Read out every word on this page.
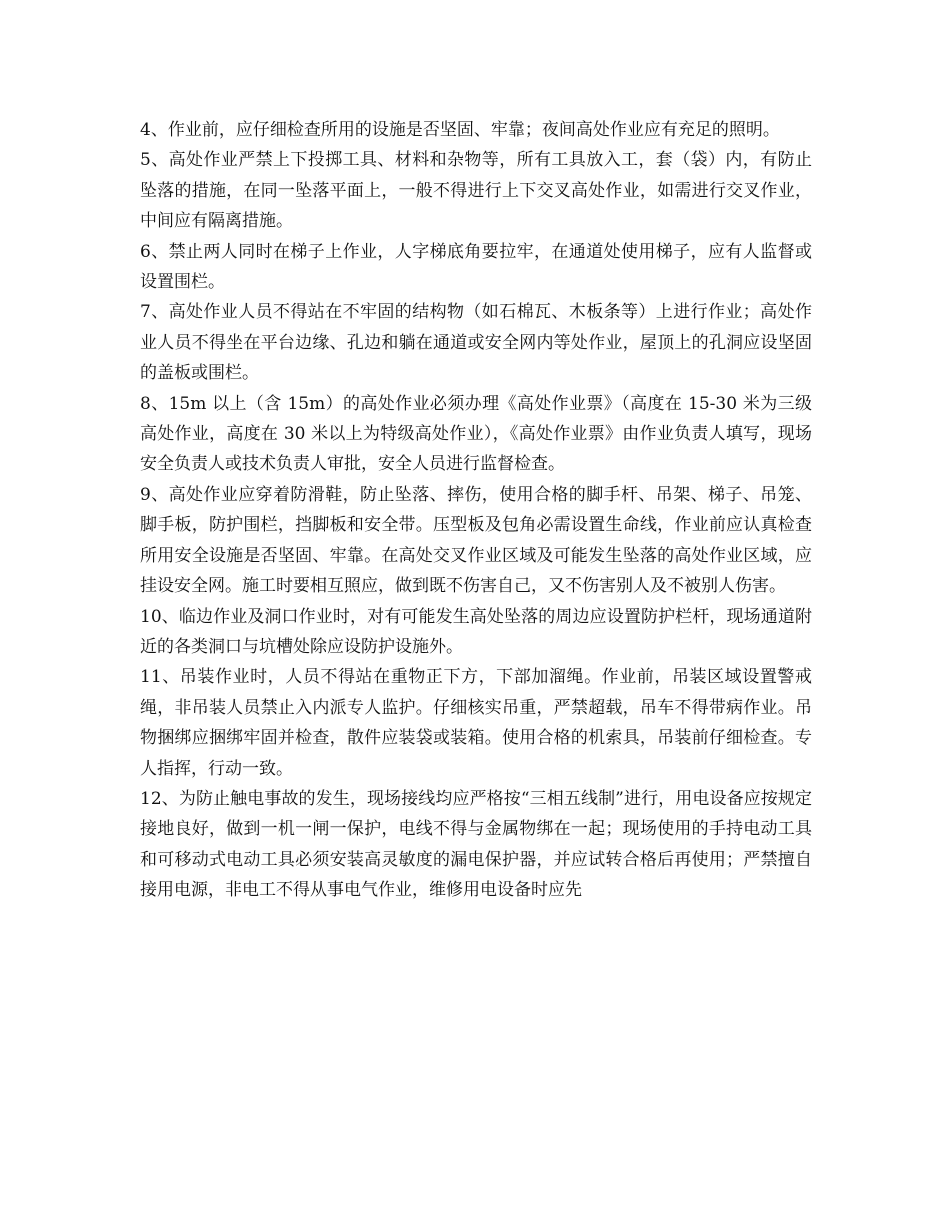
4、作业前，应仔细检查所用的设施是否坚固、牢靠；夜间高处作业应有充足的照明。

5、高处作业严禁上下投掷工具、材料和杂物等，所有工具放入工，套（袋）内，有防止坠落的措施，在同一坠落平面上，一般不得进行上下交叉高处作业，如需进行交叉作业，中间应有隔离措施。

6、禁止两人同时在梯子上作业，人字梯底角要拉牢，在通道处使用梯子，应有人监督或设置围栏。

7、高处作业人员不得站在不牢固的结构物（如石棉瓦、木板条等）上进行作业；高处作业人员不得坐在平台边缘、孔边和躺在通道或安全网内等处作业，屋顶上的孔洞应设坚固的盖板或围栏。

8、15m 以上（含 15m）的高处作业必须办理《高处作业票》（高度在 15-30 米为三级高处作业，高度在 30 米以上为特级高处作业），《高处作业票》由作业负责人填写，现场安全负责人或技术负责人审批，安全人员进行监督检查。

9、高处作业应穿着防滑鞋，防止坠落、摔伤，使用合格的脚手杆、吊架、梯子、吊笼、脚手板，防护围栏，挡脚板和安全带。压型板及包角必需设置生命线，作业前应认真检查所用安全设施是否坚固、牢靠。在高处交叉作业区域及可能发生坠落的高处作业区域，应挂设安全网。施工时要相互照应，做到既不伤害自己，又不伤害别人及不被别人伤害。

10、临边作业及洞口作业时，对有可能发生高处坠落的周边应设置防护栏杆，现场通道附近的各类洞口与坑槽处除应设防护设施外。

11、吊装作业时，人员不得站在重物正下方，下部加溜绳。作业前，吊装区域设置警戒绳，非吊装人员禁止入内派专人监护。仔细核实吊重，严禁超载，吊车不得带病作业。吊物捆绑应捆绑牢固并检查，散件应装袋或装箱。使用合格的机索具，吊装前仔细检查。专人指挥，行动一致。

12、为防止触电事故的发生，现场接线均应严格按“三相五线制”进行，用电设备应按规定接地良好，做到一机一闸一保护，电线不得与金属物绑在一起；现场使用的手持电动工具和可移动式电动工具必须安装高灵敏度的漏电保护器，并应试转合格后再使用；严禁擅自接用电源，非电工不得从事电气作业，维修用电设备时应先
